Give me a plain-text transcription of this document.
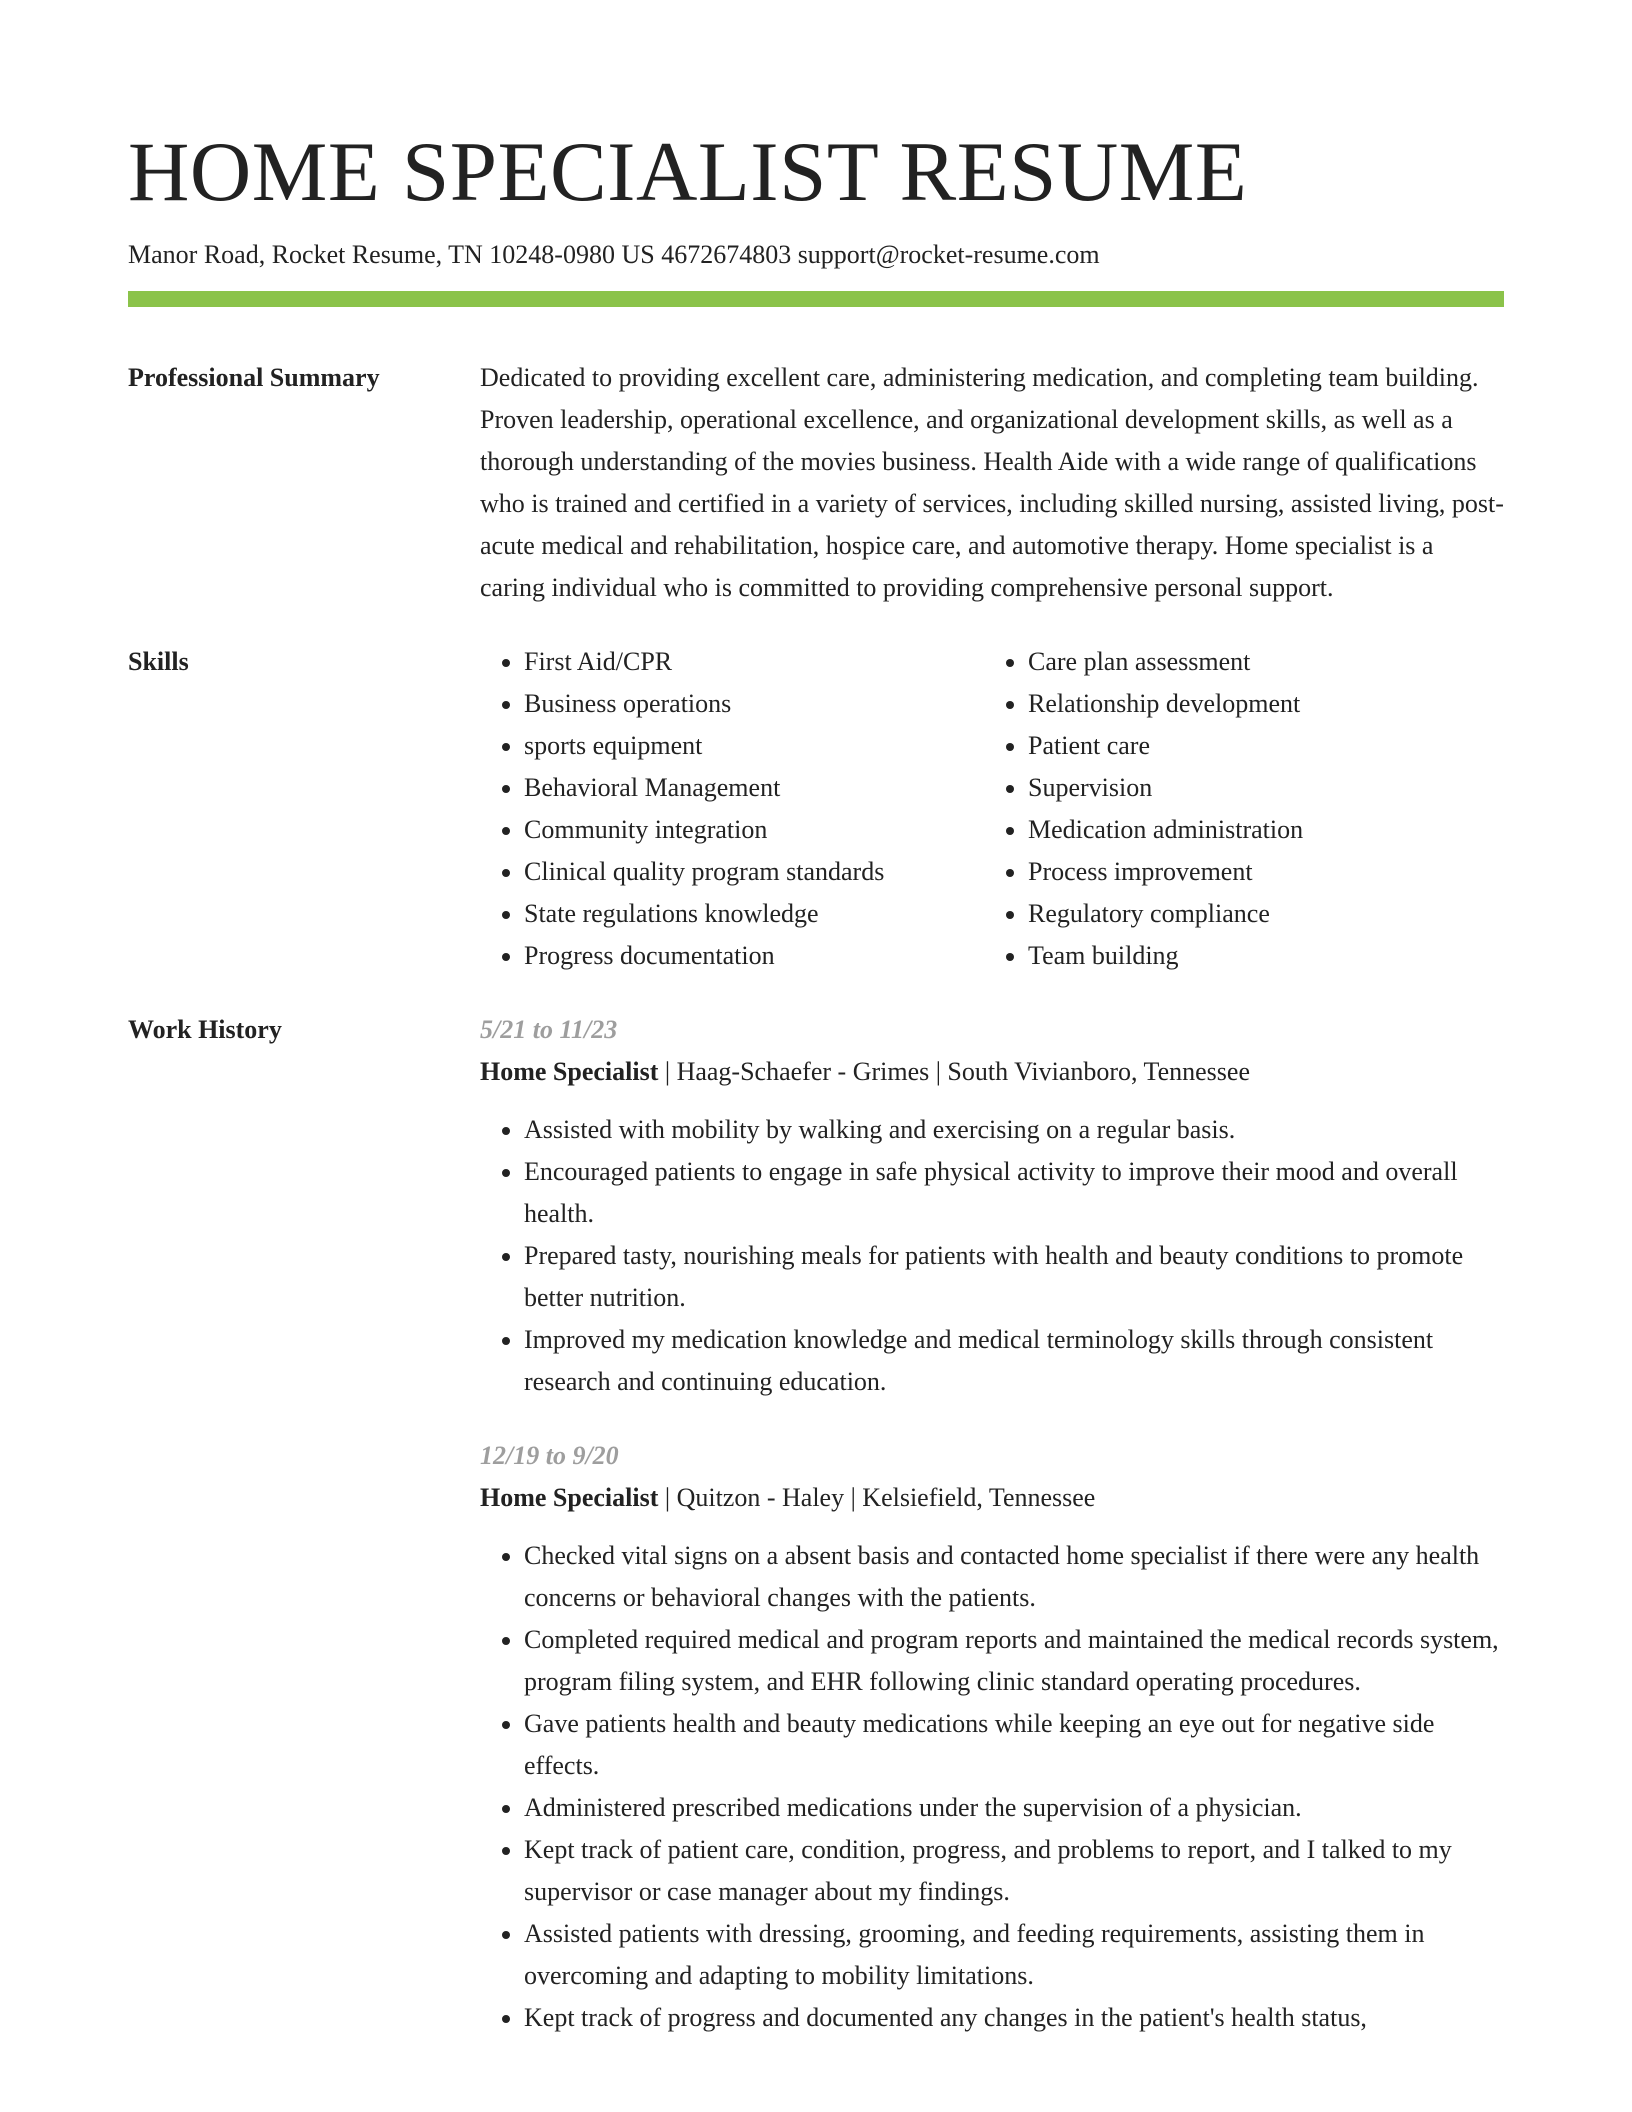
HOME SPECIALIST RESUME
Manor Road, Rocket Resume, TN 10248-0980 US 4672674803 support@rocket-resume.com
Professional Summary	Dedicated to providing excellent care, administering medication, and completing team building. Proven leadership, operational excellence, and organizational development skills, as well as a thorough understanding of the movies business. Health Aide with a wide range of qualifications who is trained and certified in a variety of services, including skilled nursing, assisted living, post-acute medical and rehabilitation, hospice care, and automotive therapy. Home specialist is a caring individual who is committed to providing comprehensive personal support.

Skills
•	First Aid/CPR
• Business operations
• sports equipment
• Behavioral Management
• Community integration
• Clinical quality program standards
• State regulations knowledge
• Progress documentation
• Care plan assessment
• Relationship development
• Patient care
• Supervision
• Medication administration
• Process improvement
• Regulatory compliance
• Team building
Work History	5/21 to 11/23
Home Specialist | Haag-Schaefer - Grimes | South Vivianboro, Tennessee
• Assisted with mobility by walking and exercising on a regular basis.
• Encouraged patients to engage in safe physical activity to improve their mood and overall health.
• Prepared tasty, nourishing meals for patients with health and beauty conditions to promote better nutrition.
• Improved my medication knowledge and medical terminology skills through consistent research and continuing education.
12/19 to 9/20
Home Specialist | Quitzon - Haley | Kelsiefield, Tennessee
• Checked vital signs on a absent basis and contacted home specialist if there were any health concerns or behavioral changes with the patients.
• Completed required medical and program reports and maintained the medical records system, program filing system, and EHR following clinic standard operating procedures.
• Gave patients health and beauty medications while keeping an eye out for negative side effects.
• Administered prescribed medications under the supervision of a physician.
• Kept track of patient care, condition, progress, and problems to report, and I talked to my supervisor or case manager about my findings.
• Assisted patients with dressing, grooming, and feeding requirements, assisting them in overcoming and adapting to mobility limitations.
• Kept track of progress and documented any changes in the patient's health status,
